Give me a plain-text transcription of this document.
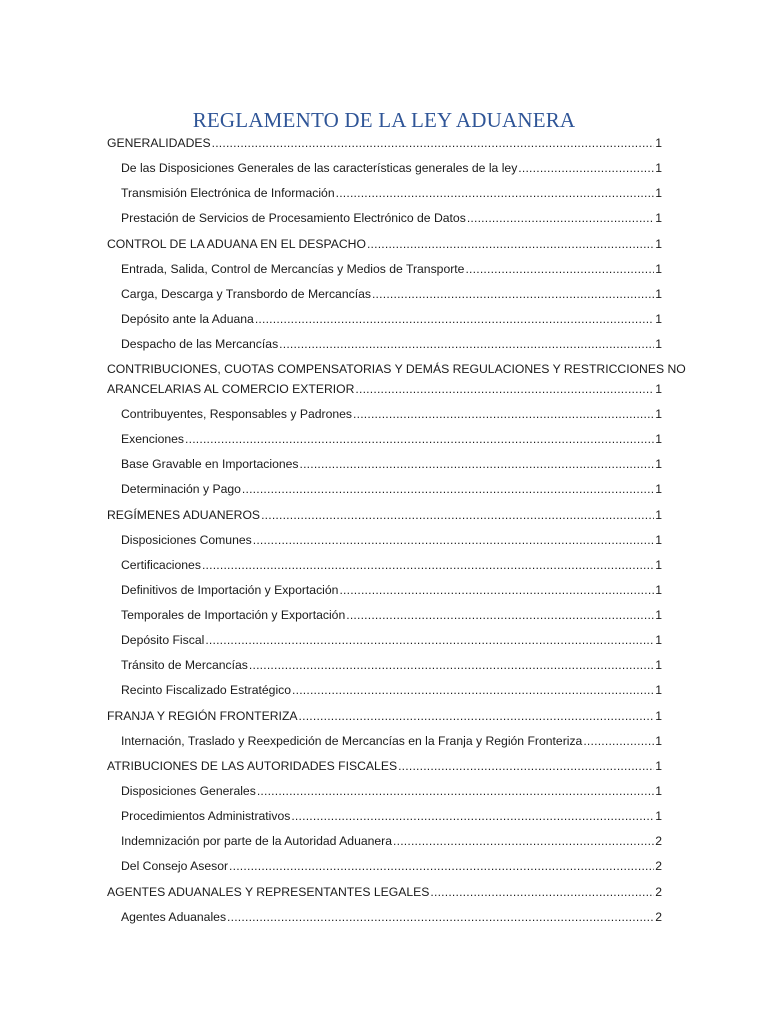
REGLAMENTO DE LA LEY ADUANERA
GENERALIDADES .....	1
De las Disposiciones Generales de las características generales de la ley .....	1
Transmisión Electrónica de Información .....	1
Prestación de Servicios de Procesamiento Electrónico de Datos .....	1
CONTROL DE LA ADUANA EN EL DESPACHO .....	1
Entrada, Salida, Control de Mercancías y Medios de Transporte .....	1
Carga, Descarga y Transbordo de Mercancías .....	1
Depósito ante la Aduana .....	1
Despacho de las Mercancías .....	1
CONTRIBUCIONES, CUOTAS COMPENSATORIAS Y DEMÁS REGULACIONES Y RESTRICCIONES NO
ARANCELARIAS AL COMERCIO EXTERIOR .....	1
Contribuyentes, Responsables y Padrones .....	1
Exenciones .....	1
Base Gravable en Importaciones .....	1
Determinación y Pago .....	1
REGÍMENES ADUANEROS .....	1
Disposiciones Comunes .....	1
Certificaciones .....	1
Definitivos de Importación y Exportación .....	1
Temporales de Importación y Exportación .....	1
Depósito Fiscal .....	1
Tránsito de Mercancías .....	1
Recinto Fiscalizado Estratégico .....	1
FRANJA Y REGIÓN FRONTERIZA .....	1
Internación, Traslado y Reexpedición de Mercancías en la Franja y Región Fronteriza .....	1
ATRIBUCIONES DE LAS AUTORIDADES FISCALES .....	1
Disposiciones Generales .....	1
Procedimientos Administrativos .....	1
Indemnización por parte de la Autoridad Aduanera .....	2
Del Consejo Asesor .....	2
AGENTES ADUANALES Y REPRESENTANTES LEGALES .....	2
Agentes Aduanales .....	2
